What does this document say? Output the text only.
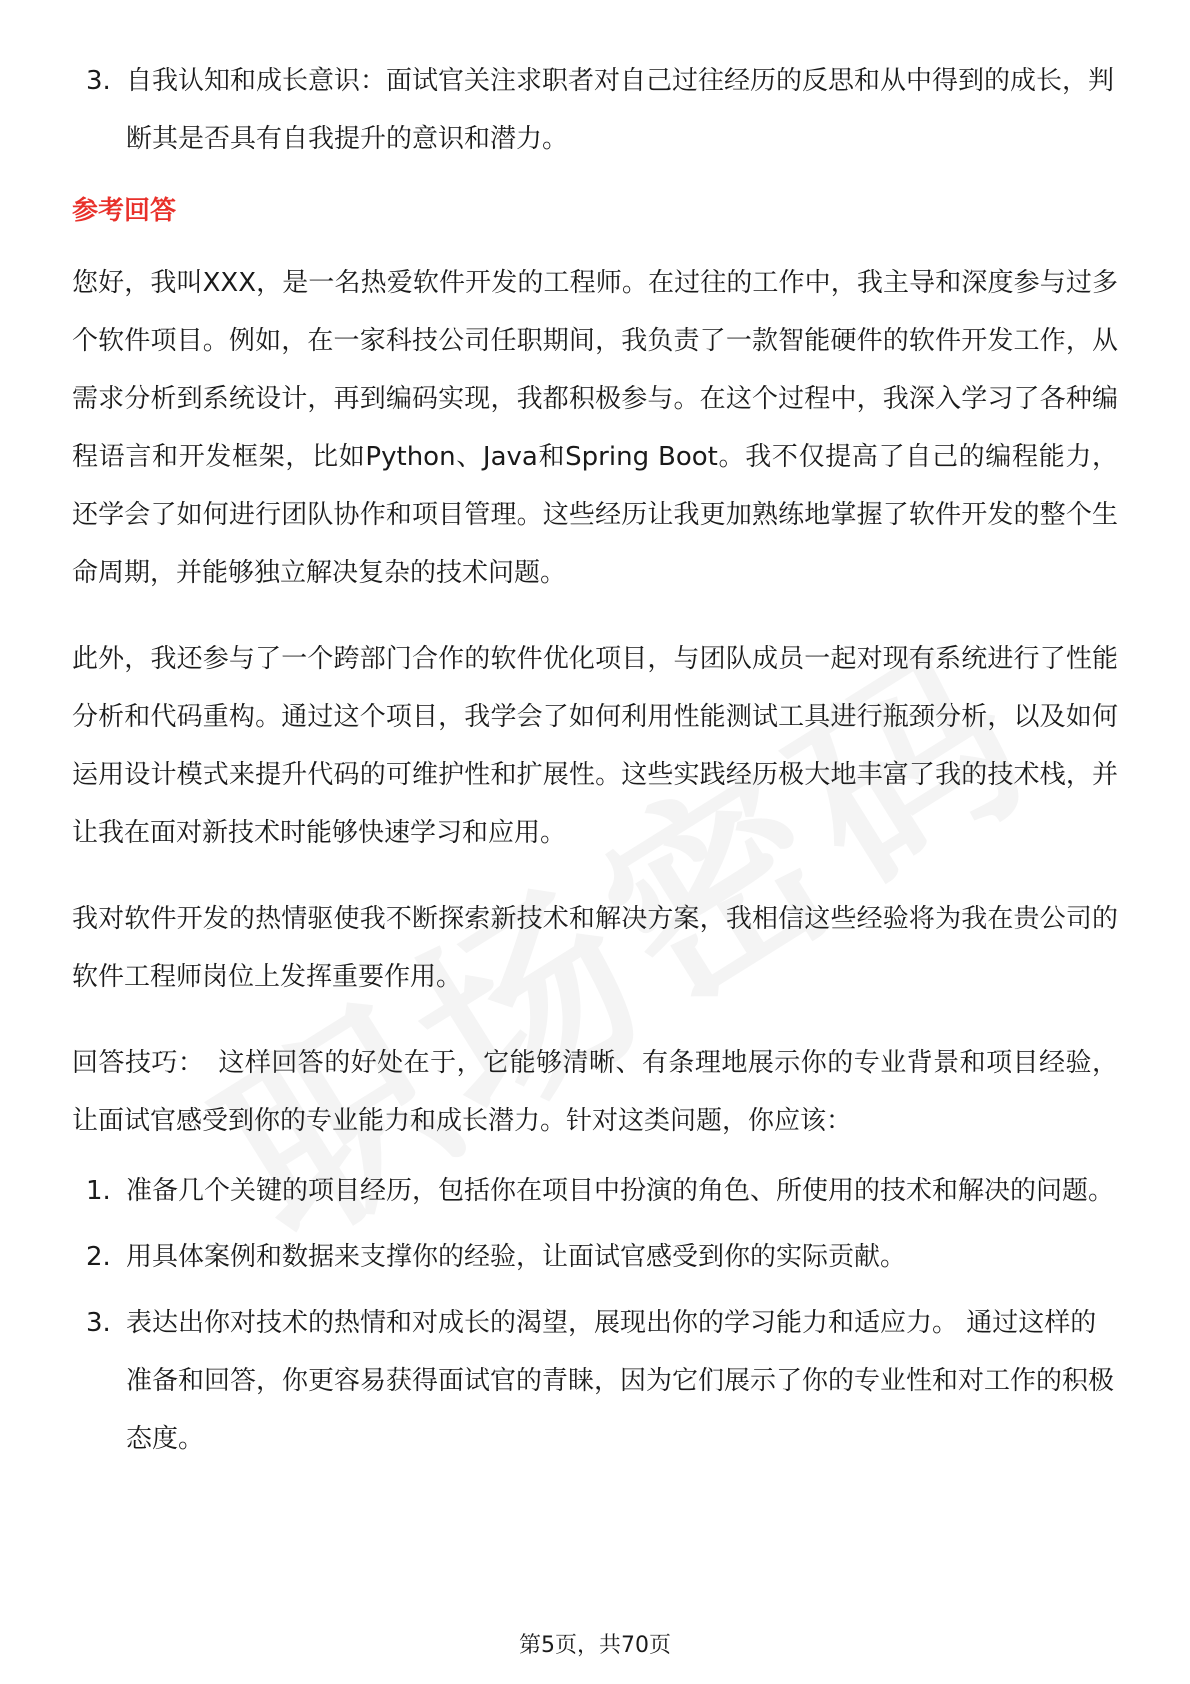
3. 自我认知和成长意识：面试官关注求职者对自己过往经历的反思和从中得到的成长，判断其是否具有自我提升的意识和潜力。

参考回答

您好，我叫XXX，是一名热爱软件开发的工程师。在过往的工作中，我主导和深度参与过多个软件项目。例如，在一家科技公司任职期间，我负责了一款智能硬件的软件开发工作，从需求分析到系统设计，再到编码实现，我都积极参与。在这个过程中，我深入学习了各种编程语言和开发框架，比如Python、Java和Spring Boot。我不仅提高了自己的编程能力，还学会了如何进行团队协作和项目管理。这些经历让我更加熟练地掌握了软件开发的整个生命周期，并能够独立解决复杂的技术问题。

此外，我还参与了一个跨部门合作的软件优化项目，与团队成员一起对现有系统进行了性能分析和代码重构。通过这个项目，我学会了如何利用性能测试工具进行瓶颈分析，以及如何运用设计模式来提升代码的可维护性和扩展性。这些实践经历极大地丰富了我的技术栈，并让我在面对新技术时能够快速学习和应用。

我对软件开发的热情驱使我不断探索新技术和解决方案，我相信这些经验将为我在贵公司的软件工程师岗位上发挥重要作用。

回答技巧： 这样回答的好处在于，它能够清晰、有条理地展示你的专业背景和项目经验，让面试官感受到你的专业能力和成长潜力。针对这类问题，你应该：

1. 准备几个关键的项目经历，包括你在项目中扮演的角色、所使用的技术和解决的问题。

2. 用具体案例和数据来支撑你的经验，让面试官感受到你的实际贡献。

3. 表达出你对技术的热情和对成长的渴望，展现出你的学习能力和适应力。 通过这样的准备和回答，你更容易获得面试官的青睐，因为它们展示了你的专业性和对工作的积极态度。

第5页，共70页
